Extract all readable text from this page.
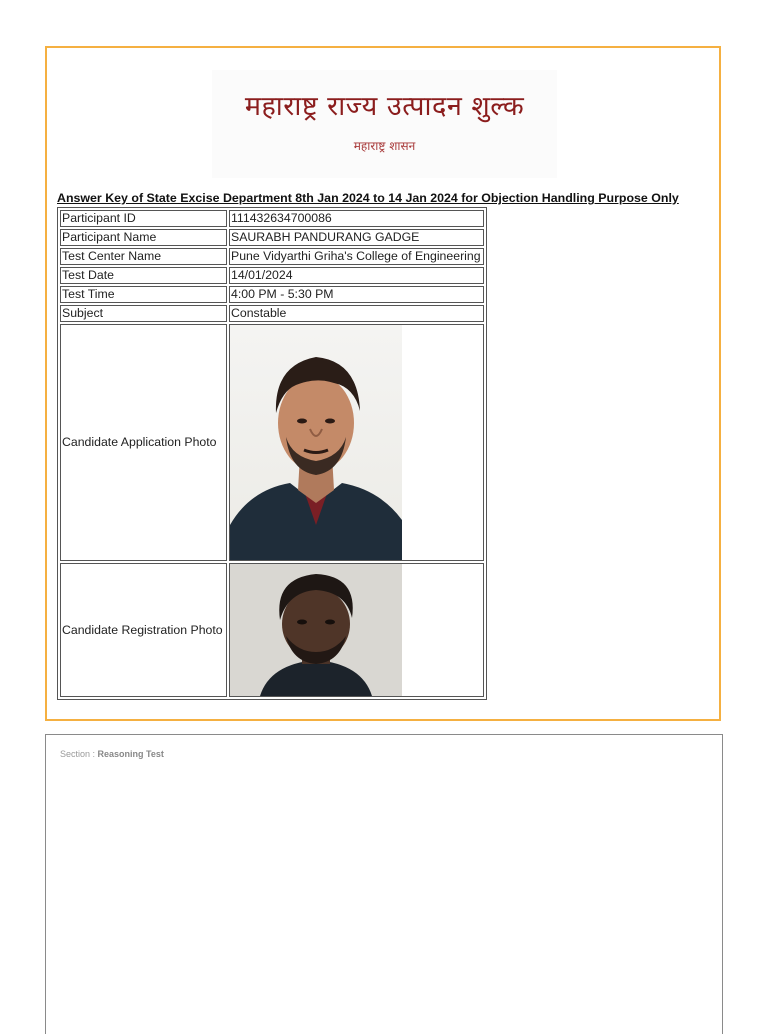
महाराष्ट्र राज्य उत्पादन शुल्क
महाराष्ट्र शासन
Answer Key of State Excise Department 8th Jan 2024 to 14 Jan 2024 for Objection Handling Purpose Only
Participant ID	111432634700086
Participant Name	SAURABH PANDURANG GADGE
Test Center Name	Pune Vidyarthi Griha's College of Engineering
Test Date	14/01/2024
Test Time	4:00 PM - 5:30 PM
Subject	Constable
Candidate Application Photo	

Candidate Registration Photo	
Section : Reasoning Test
